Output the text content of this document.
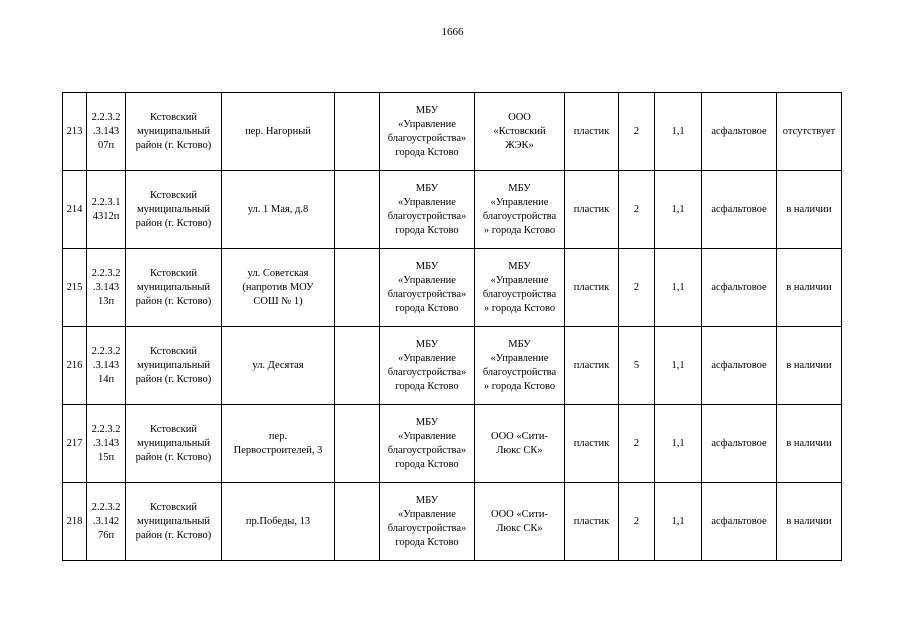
1666
213	2.2.3.2
.3.143
07п	Кстовский
муниципальный
район (г. Кстово)	пер. Нагорный		МБУ
«Управление
благоустройства»
города Кстово	ООО
«Кстовский
ЖЭК»	пластик	2	1,1	асфальтовое	отсутствует
214	2.2.3.1
4312п	Кстовский
муниципальный
район (г. Кстово)	ул. 1 Мая, д.8		МБУ
«Управление
благоустройства»
города Кстово	МБУ
«Управление
благоустройства
» города Кстово	пластик	2	1,1	асфальтовое	в наличии
215	2.2.3.2
.3.143
13п	Кстовский
муниципальный
район (г. Кстово)	ул. Советская
(напротив МОУ
СОШ № 1)		МБУ
«Управление
благоустройства»
города Кстово	МБУ
«Управление
благоустройства
» города Кстово	пластик	2	1,1	асфальтовое	в наличии
216	2.2.3.2
.3.143
14п	Кстовский
муниципальный
район (г. Кстово)	ул. Десятая		МБУ
«Управление
благоустройства»
города Кстово	МБУ
«Управление
благоустройства
» города Кстово	пластик	5	1,1	асфальтовое	в наличии
217	2.2.3.2
.3.143
15п	Кстовский
муниципальный
район (г. Кстово)	пер.
Первостроителей, 3		МБУ
«Управление
благоустройства»
города Кстово	ООО «Сити-
Люкс СК»	пластик	2	1,1	асфальтовое	в наличии
218	2.2.3.2
.3.142
76п	Кстовский
муниципальный
район (г. Кстово)	пр.Победы, 13		МБУ
«Управление
благоустройства»
города Кстово	ООО «Сити-
Люкс СК»	пластик	2	1,1	асфальтовое	в наличии
